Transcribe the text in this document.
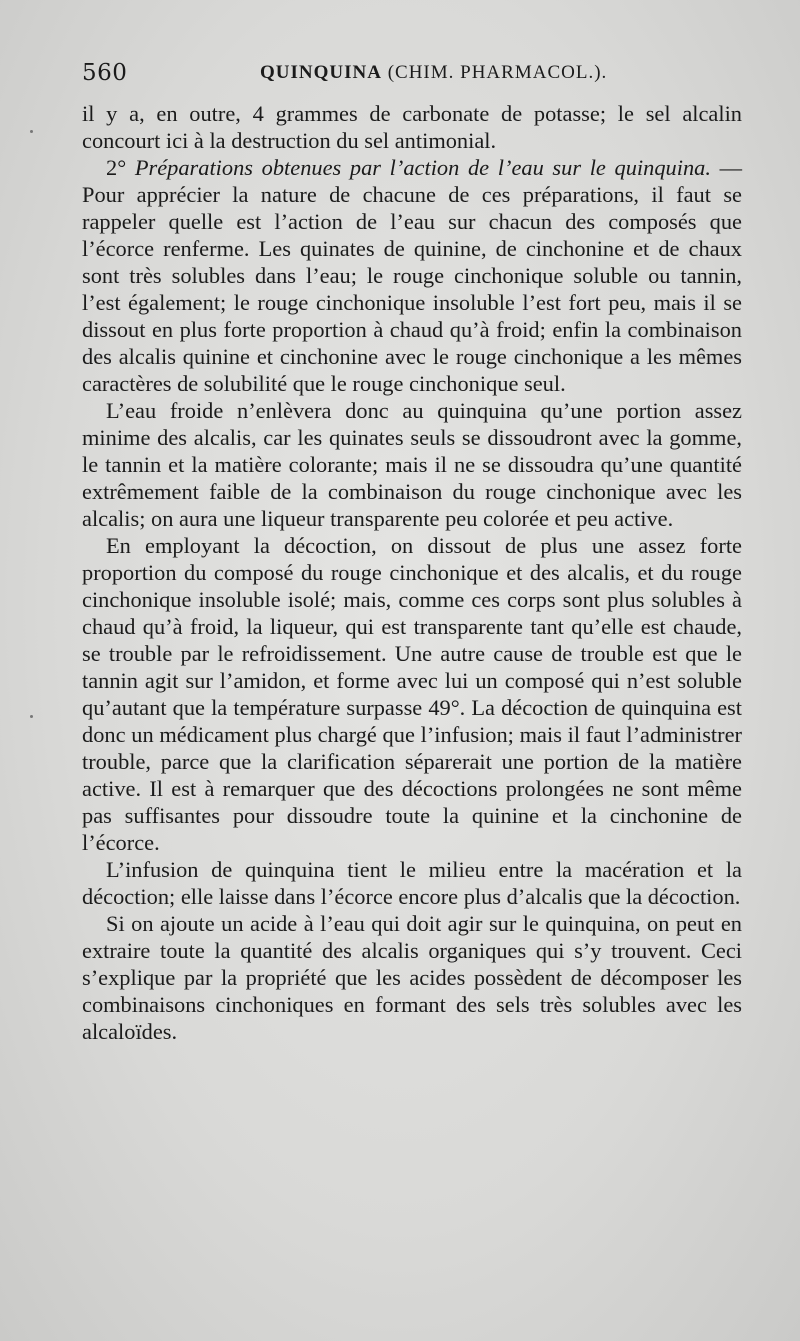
560	QUINQUINA (CHIM. PHARMACOL.).

il y a, en outre, 4 grammes de carbonate de potasse; le sel alcalin concourt ici à la destruction du sel antimonial.

2° Préparations obtenues par l’action de l’eau sur le quinquina. — Pour apprécier la nature de chacune de ces préparations, il faut se rappeler quelle est l’action de l’eau sur chacun des composés que l’écorce renferme. Les quinates de quinine, de cinchonine et de chaux sont très solubles dans l’eau; le rouge cinchonique soluble ou tannin, l’est également; le rouge cinchonique insoluble l’est fort peu, mais il se dissout en plus forte proportion à chaud qu’à froid; enfin la combinaison des alcalis quinine et cinchonine avec le rouge cinchonique a les mêmes caractères de solubilité que le rouge cinchonique seul.

L’eau froide n’enlèvera donc au quinquina qu’une portion assez minime des alcalis, car les quinates seuls se dissoudront avec la gomme, le tannin et la matière colorante; mais il ne se dissoudra qu’une quantité extrêmement faible de la combinaison du rouge cinchonique avec les alcalis; on aura une liqueur transparente peu colorée et peu active.

En employant la décoction, on dissout de plus une assez forte proportion du composé du rouge cinchonique et des alcalis, et du rouge cinchonique insoluble isolé; mais, comme ces corps sont plus solubles à chaud qu’à froid, la liqueur, qui est transparente tant qu’elle est chaude, se trouble par le refroidissement. Une autre cause de trouble est que le tannin agit sur l’amidon, et forme avec lui un composé qui n’est soluble qu’autant que la température surpasse 49°. La décoction de quinquina est donc un médicament plus chargé que l’infusion; mais il faut l’administrer trouble, parce que la clarification séparerait une portion de la matière active. Il est à remarquer que des décoctions prolongées ne sont même pas suffisantes pour dissoudre toute la quinine et la cinchonine de l’écorce.

L’infusion de quinquina tient le milieu entre la macération et la décoction; elle laisse dans l’écorce encore plus d’alcalis que la décoction.

Si on ajoute un acide à l’eau qui doit agir sur le quinquina, on peut en extraire toute la quantité des alcalis organiques qui s’y trouvent. Ceci s’explique par la propriété que les acides possèdent de décomposer les combinaisons cinchoniques en formant des sels très solubles avec les alcaloïdes.
